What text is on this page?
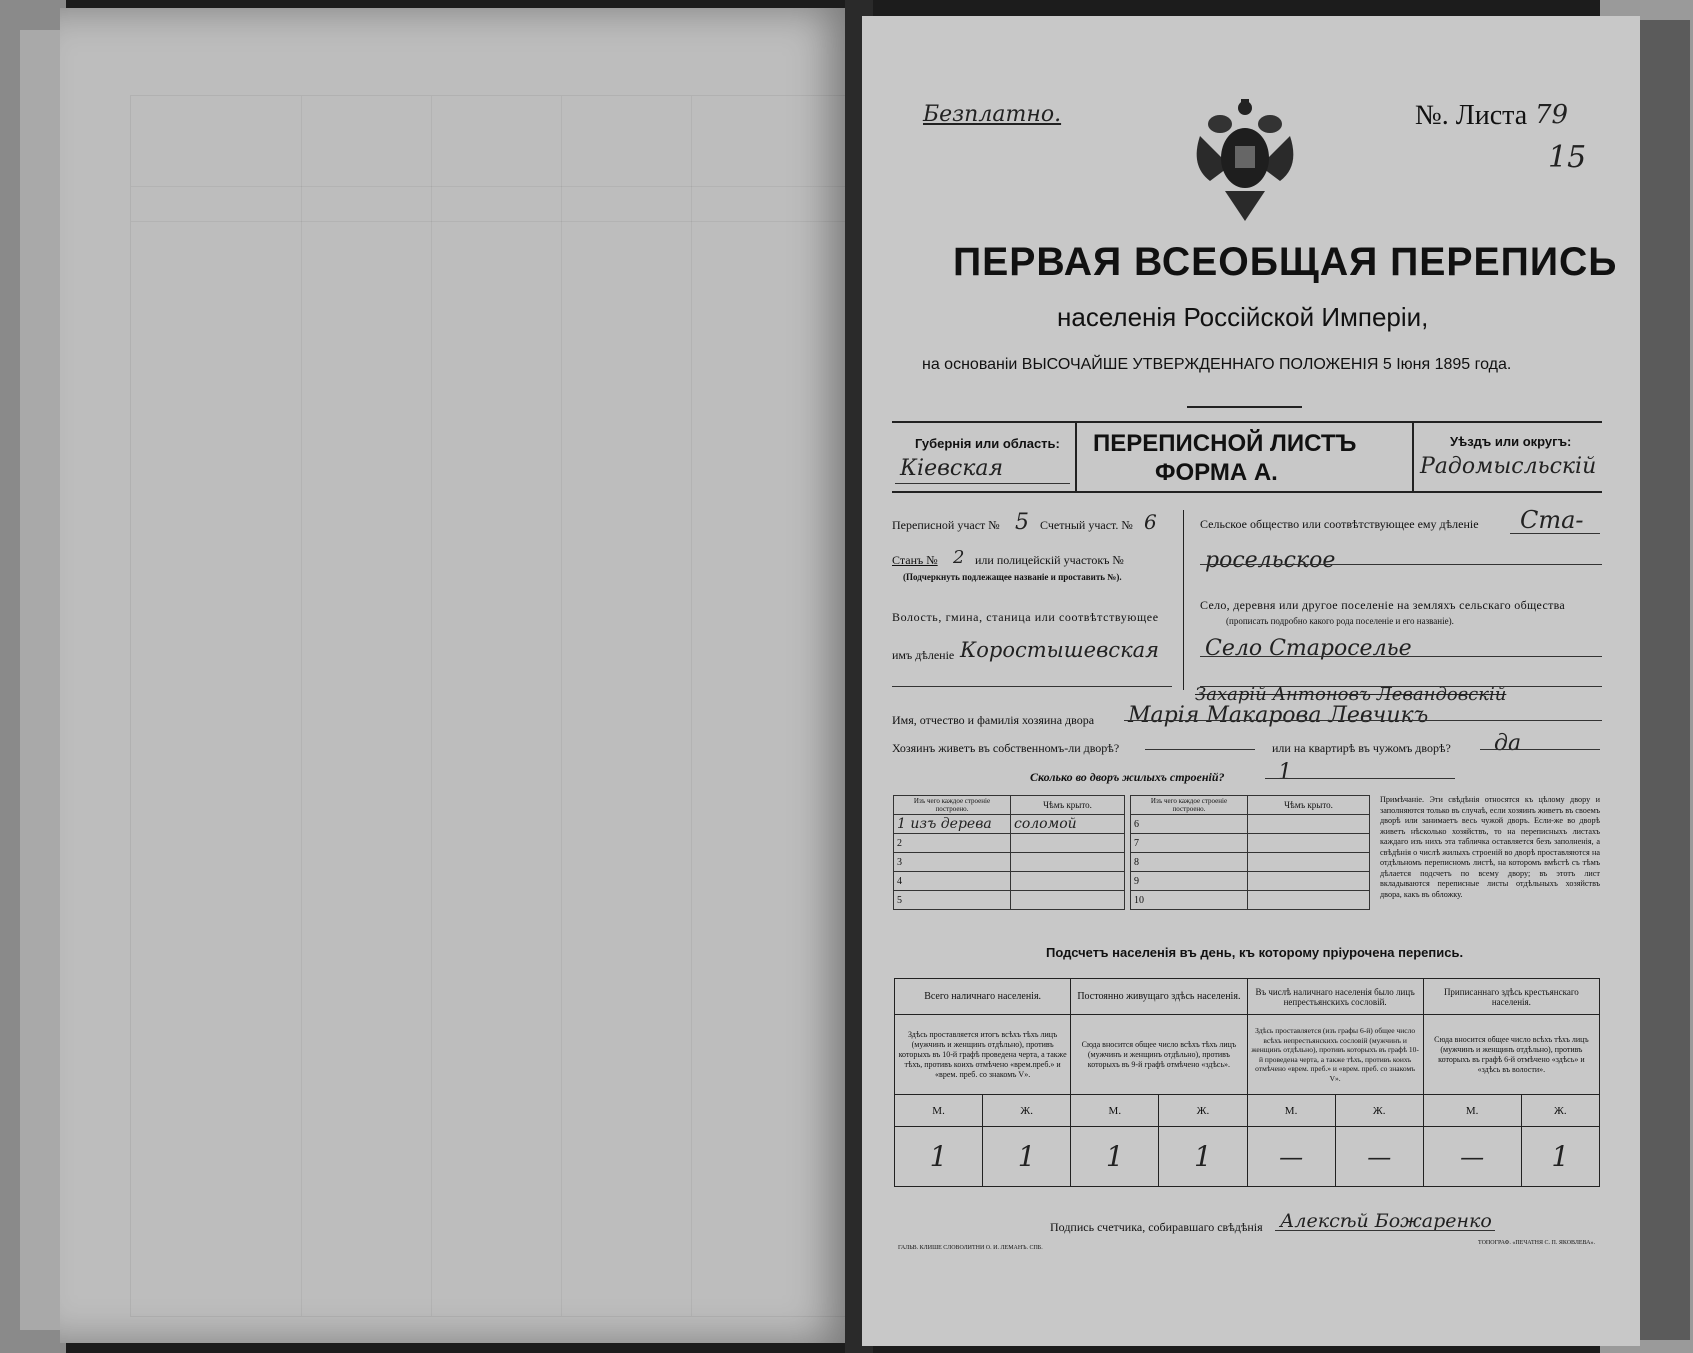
Безплатно.	№. Листа 79
15
ПЕРВАЯ ВСЕОБЩАЯ ПЕРЕПИСЬ
населенія Россійской Имперіи,
на основаніи ВЫСОЧАЙШЕ УТВЕРЖДЕННАГО ПОЛОЖЕНІЯ 5 Іюня 1895 года.
Губернія или область:
Кіевская
ПЕРЕПИСНОЙ ЛИСТЪ
ФОРМА А.
Уѣздъ или округъ:
Радомысльскій
Переписной участ № 5 Счетный участ. № 6
Станъ № 2 или полицейскій участокъ №
(Подчеркнуть подлежащее названіе и проставить №).
Волость, гмина, станица или соотвѣтствующее
имъ дѣленіе Коростышевская
Сельское общество или соотвѣтствующее ему дѣленіе Ста-
росельское
Село, деревня или другое поселеніе на земляхъ сельскаго общества
(прописать подробно какого рода поселеніе и его названіе).
Село Староселье
Захарій Антоновъ Левандовскій
Имя, отчество и фамилія хозяина двора Марія Макарова Левчикъ
Хозяинъ живетъ въ собственномъ-ли дворѣ?	или на квартирѣ въ чужомъ дворѣ? да
Сколько во дворъ жилыхъ строеній? 1
Изъ чего каждое строеніе построено.	Чѣмъ крыто.
1 изъ дерева	соломой
2	
3	
4	
5	
Изъ чего каждое строеніе построено.	Чѣмъ крыто.
6	
7	
8	
9	
10	
Примѣчаніе. Эти свѣдѣнія относятся къ цѣлому двору и заполняются только въ случаѣ, если хозяинъ живетъ въ своемъ дворѣ или занимаетъ весь чужой дворъ. Если-же во дворѣ живетъ нѣсколько хозяйствъ, то на переписныхъ листахъ каждаго изъ нихъ эта табличка оставляется безъ заполненія, а свѣдѣнія о числѣ жилыхъ строеній во дворѣ проставляются на отдѣльномъ переписномъ листѣ, на которомъ вмѣстѣ съ тѣмъ дѣлается подсчетъ по всему двору; въ этотъ лист вкладываются переписные листы отдѣльныхъ хозяйствъ двора, какъ въ обложку.
Подсчетъ населенія въ день, къ которому пріурочена перепись.
Всего наличнаго населенія.		Постоянно живущаго здѣсь населенія.		Въ числѣ наличнаго населенія было лицъ непрестьянскихъ сословій.		Приписаннаго здѣсь крестьянскаго населенія.	
Здѣсь проставляется итогъ всѣхъ тѣхъ лицъ (мужчинъ и женщинъ отдѣльно), противъ которыхъ въ 10-й графѣ проведена черта, а также тѣхъ, противъ коихъ отмѣчено «врем.преб.» и «врем. преб. со знакомъ V».		Сюда вносится общее число всѣхъ тѣхъ лицъ (мужчинъ и женщинъ отдѣльно), противъ которыхъ въ 9-й графѣ отмѣчено «здѣсь».		Здѣсь проставляется (изъ графы 6-й) общее число всѣхъ непрестьянскихъ сословій (мужчинъ и женщинъ отдѣльно), противъ которыхъ въ графѣ 10-й проведена черта, а также тѣхъ, противъ коихъ отмѣчено «врем. преб.» и «врем. преб. со знакомъ V».		Сюда вносится общее число всѣхъ тѣхъ лицъ (мужчинъ и женщинъ отдѣльно), противъ которыхъ въ графѣ 6-й отмѣчено «здѣсь» и «здѣсь въ волости».	
М.	Ж.	М.	Ж.	М.	Ж.	М.	Ж.
1	1	1	1	—	—	—	1
Подпись счетчика, собиравшаго свѣдѣнія Алексѣй Божаренко
ГАЛЬВ. КЛИШЕ СЛОВОЛИТНИ О. И. ЛЕМАНЪ. СПБ.
ТОПОГРАФ. «ПЕЧАТНЯ С. П. ЯКОВЛЕВА».
